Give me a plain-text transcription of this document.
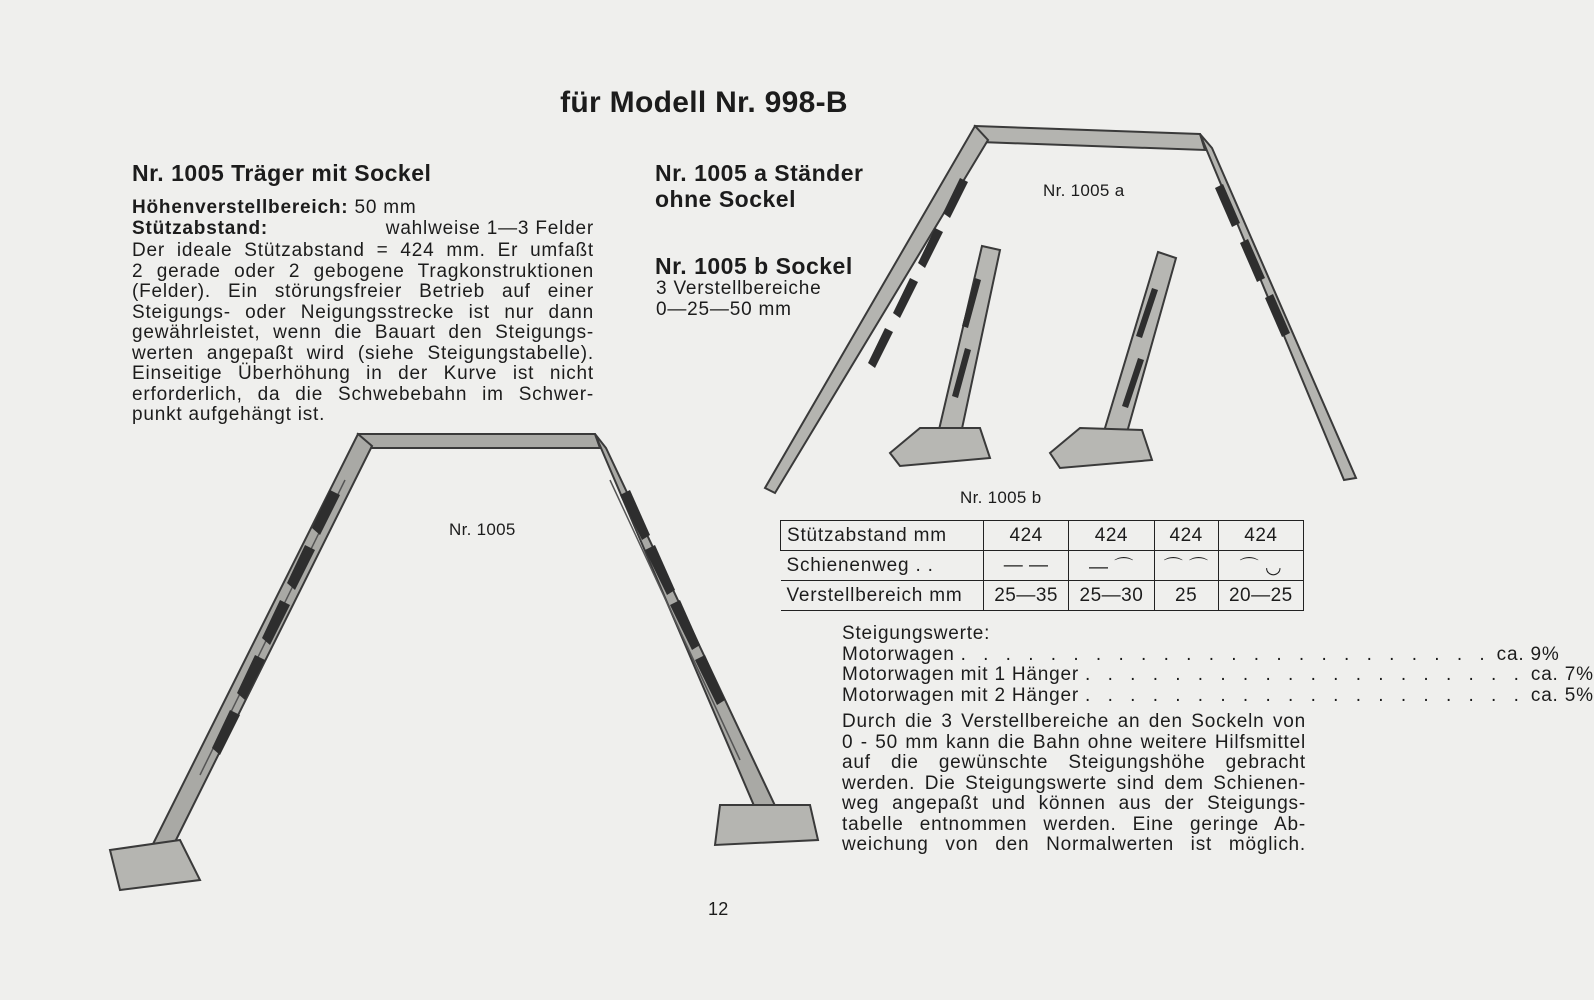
für Modell Nr. 998-B
Nr. 1005 Träger mit Sockel
Höhenverstellbereich: 50 mm
Stützabstand:	wahlweise 1—3 Felder
Der ideale Stützabstand = 424 mm. Er umfaßt
2 gerade oder 2 gebogene Tragkonstruktionen
(Felder). Ein störungsfreier Betrieb auf einer
Steigungs- oder Neigungsstrecke ist nur dann
gewährleistet, wenn die Bauart den Steigungs-
werten angepaßt wird (siehe Steigungstabelle).
Einseitige Überhöhung in der Kurve ist nicht
erforderlich, da die Schwebebahn im Schwer-
punkt aufgehängt ist.
Nr. 1005 a Ständer
ohne Sockel
Nr. 1005 b Sockel
3 Verstellbereiche
0—25—50 mm
Nr. 1005
Nr. 1005 a
Nr. 1005 b
Stützabstand mm	424	424	424	424
Schienenweg . .	— —	— ⌒	⌒ ⌒	⌒ ◡
Verstellbereich mm	25—35	25—30	25	20—25
Steigungswerte:
Motorwagen . . . . . . . . . . . . . . . . . . . . . . . . ca. 9%
Motorwagen mit 1 Hänger . . . . . . . . . . . . . . . . . . . . ca. 7%
Motorwagen mit 2 Hänger . . . . . . . . . . . . . . . . . . . . ca. 5%
Durch die 3 Verstellbereiche an den Sockeln von
0 - 50 mm kann die Bahn ohne weitere Hilfsmittel
auf die gewünschte Steigungshöhe gebracht
werden. Die Steigungswerte sind dem Schienen-
weg angepaßt und können aus der Steigungs-
tabelle entnommen werden. Eine geringe Ab-
weichung von den Normalwerten ist möglich.
12
